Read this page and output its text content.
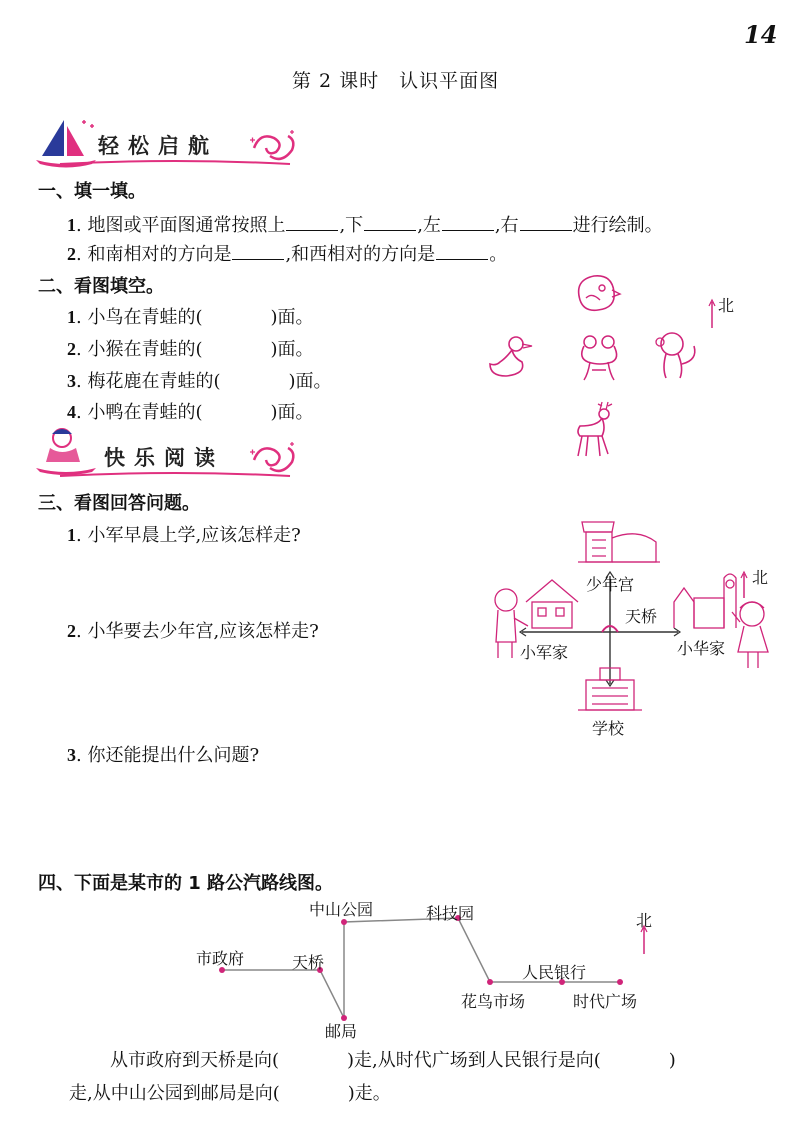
14
第 2 课时　认识平面图
轻松启航
一、填一填。
1. 地图或平面图通常按照上	,下	,左	,右	进行绘制。
2. 和南相对的方向是	,和西相对的方向是	。
二、看图填空。
1. 小鸟在青蛙的(	)面。
2. 小猴在青蛙的(	)面。
3. 梅花鹿在青蛙的(	)面。
4. 小鸭在青蛙的(	)面。
北
快乐阅读
三、看图回答问题。
1. 小军早晨上学,应该怎样走?
2. 小华要去少年宫,应该怎样走?
3. 你还能提出什么问题?
少年宫
天桥
小军家	小华家
学校
北
四、下面是某市的 1 路公汽路线图。
市政府	天桥
邮局
中山公园	科技园
花鸟市场
人民银行
时代广场
北
从市政府到天桥是向(	)走,从时代广场到人民银行是向(	)
走,从中山公园到邮局是向(	)走。
